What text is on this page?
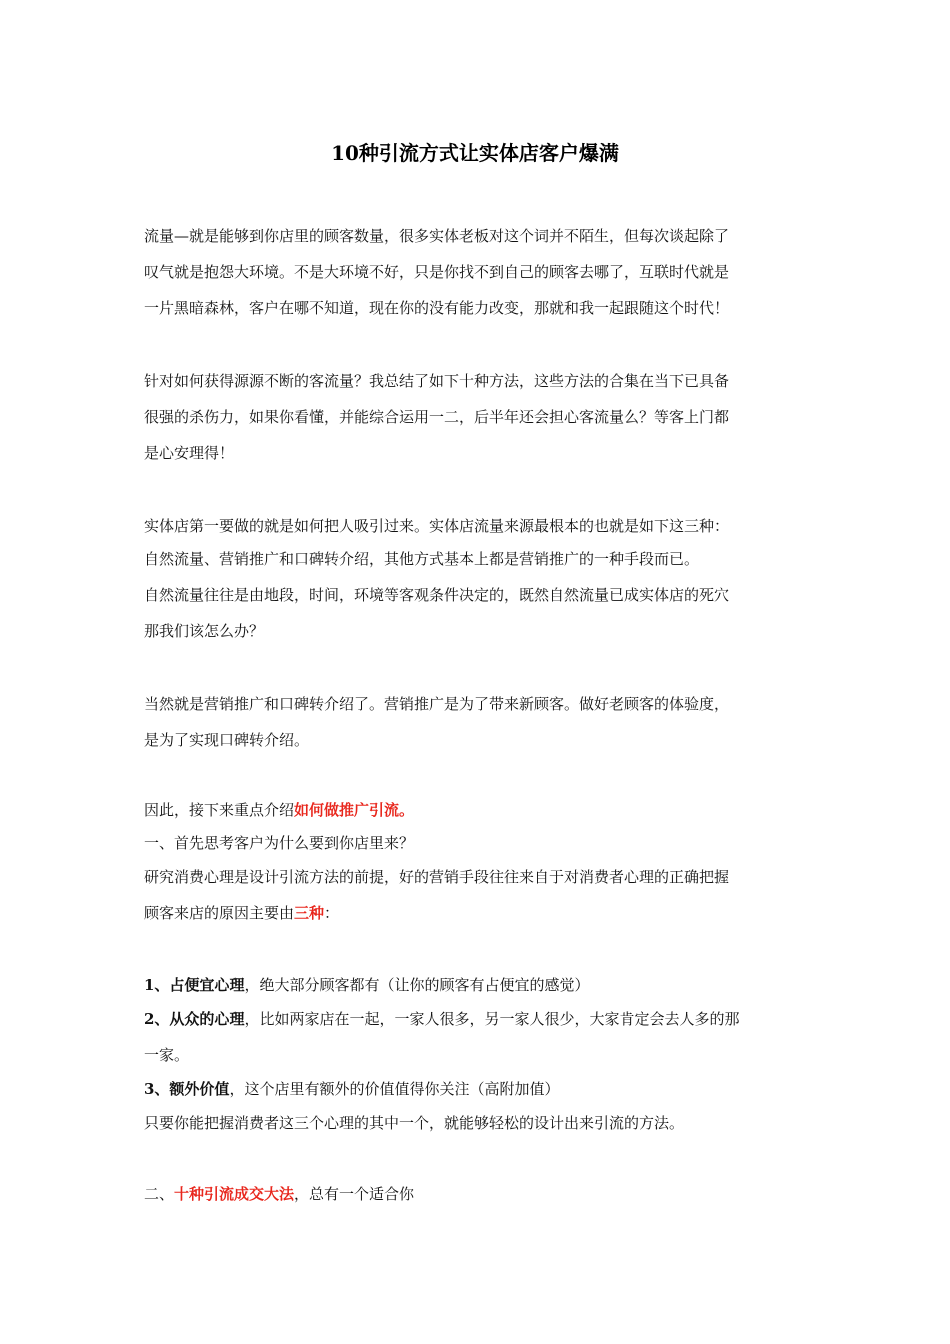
10种引流方式让实体店客户爆满
流量—就是能够到你店里的顾客数量，很多实体老板对这个词并不陌生，但每次谈起除了
叹气就是抱怨大环境。不是大环境不好，只是你找不到自己的顾客去哪了，互联时代就是
一片黑暗森林，客户在哪不知道，现在你的没有能力改变，那就和我一起跟随这个时代！
针对如何获得源源不断的客流量？我总结了如下十种方法，这些方法的合集在当下已具备
很强的杀伤力，如果你看懂，并能综合运用一二，后半年还会担心客流量么？等客上门都
是心安理得！
实体店第一要做的就是如何把人吸引过来。实体店流量来源最根本的也就是如下这三种：
自然流量、营销推广和口碑转介绍，其他方式基本上都是营销推广的一种手段而已。
自然流量往往是由地段，时间，环境等客观条件决定的，既然自然流量已成实体店的死穴
那我们该怎么办？
当然就是营销推广和口碑转介绍了。营销推广是为了带来新顾客。做好老顾客的体验度，
是为了实现口碑转介绍。
因此，接下来重点介绍如何做推广引流。
一、首先思考客户为什么要到你店里来？
研究消费心理是设计引流方法的前提，好的营销手段往往来自于对消费者心理的正确把握
顾客来店的原因主要由三种：
1、占便宜心理，绝大部分顾客都有（让你的顾客有占便宜的感觉）
2、从众的心理，比如两家店在一起，一家人很多，另一家人很少，大家肯定会去人多的那
一家。
3、额外价值，这个店里有额外的价值值得你关注（高附加值）
只要你能把握消费者这三个心理的其中一个，就能够轻松的设计出来引流的方法。
二、十种引流成交大法，总有一个适合你
